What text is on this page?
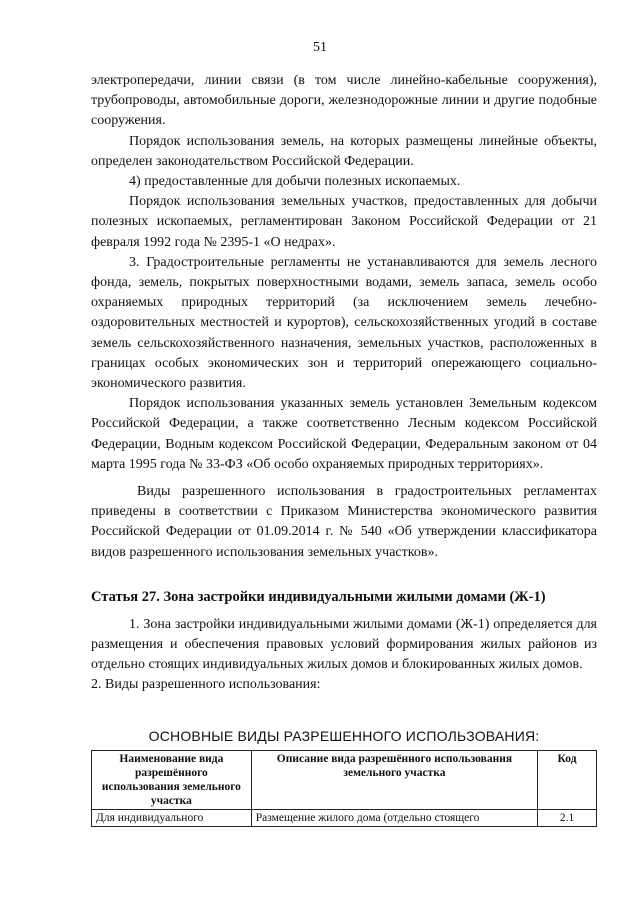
51

электропередачи, линии связи (в том числе линейно-кабельные сооружения), трубопроводы, автомобильные дороги, железнодорожные линии и другие подобные сооружения.

Порядок использования земель, на которых размещены линейные объекты, определен законодательством Российской Федерации.

4) предоставленные для добычи полезных ископаемых.

Порядок использования земельных участков, предоставленных для добычи полезных ископаемых, регламентирован Законом Российской Федерации от 21 февраля 1992 года № 2395-1 «О недрах».

3. Градостроительные регламенты не устанавливаются для земель лесного фонда, земель, покрытых поверхностными водами, земель запаса, земель особо охраняемых природных территорий (за исключением земель лечебно-оздоровительных местностей и курортов), сельскохозяйственных угодий в составе земель сельскохозяйственного назначения, земельных участков, расположенных в границах особых экономических зон и территорий опережающего социально-экономического развития.

Порядок использования указанных земель установлен Земельным кодексом Российской Федерации, а также соответственно Лесным кодексом Российской Федерации, Водным кодексом Российской Федерации, Федеральным законом от 04 марта 1995 года № 33-ФЗ «Об особо охраняемых природных территориях».

Виды разрешенного использования в градостроительных регламентах приведены в соответствии с Приказом Министерства экономического развития Российской Федерации от 01.09.2014 г. № 540 «Об утверждении классификатора видов разрешенного использования земельных участков».

Статья 27. Зона застройки индивидуальными жилыми домами (Ж-1)

1. Зона застройки индивидуальными жилыми домами (Ж-1) определяется для размещения и обеспечения правовых условий формирования жилых районов из отдельно стоящих индивидуальных жилых домов и блокированных жилых домов.

2. Виды разрешенного использования:

ОСНОВНЫЕ ВИДЫ РАЗРЕШЕННОГО ИСПОЛЬЗОВАНИЯ:
Наименование вида разрешённого использования земельного участка	Описание вида разрешённого использования земельного участка	Код
Для индивидуального	Размещение жилого дома (отдельно стоящего	2.1
